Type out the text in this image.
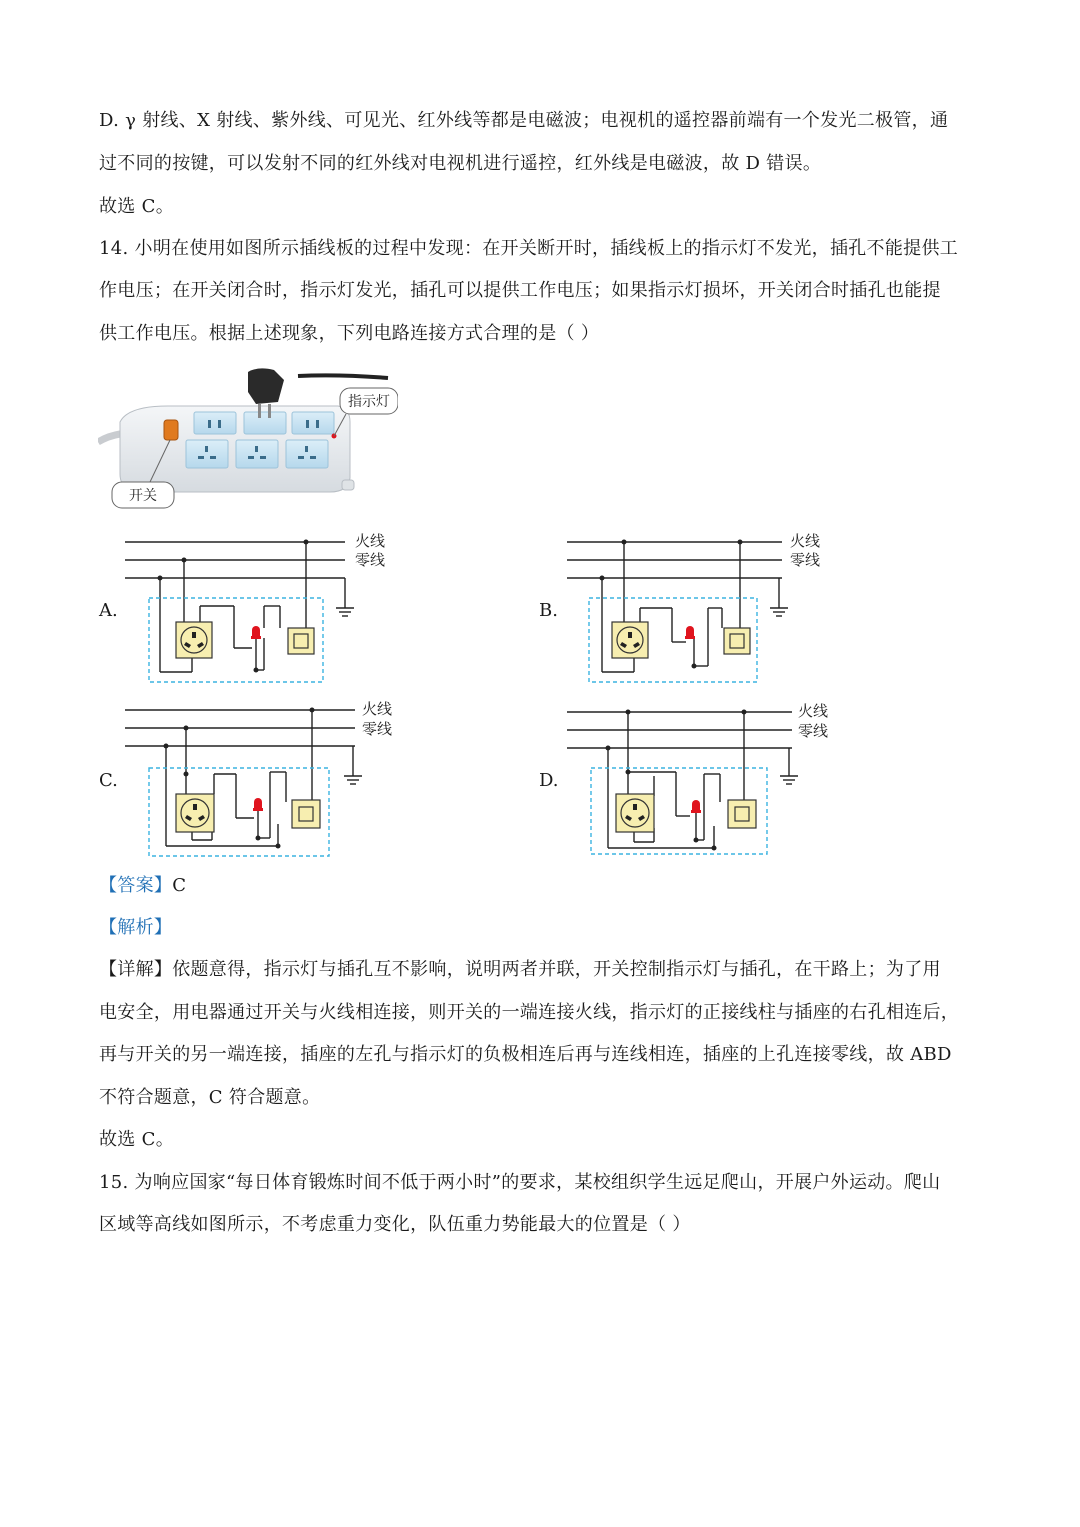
D. γ 射线、X 射线、紫外线、可见光、红外线等都是电磁波；电视机的遥控器前端有一个发光二极管，通
过不同的按键，可以发射不同的红外线对电视机进行遥控，红外线是电磁波，故 D 错误。
故选 C。
14. 小明在使用如图所示插线板的过程中发现：在开关断开时，插线板上的指示灯不发光，插孔不能提供工
作电压；在开关闭合时，指示灯发光，插孔可以提供工作电压；如果指示灯损坏，开关闭合时插孔也能提
供工作电压。根据上述现象，下列电路连接方式合理的是（ ）
指示灯
开关
A.	B.
C.	D.
火线
零线
火线
零线
火线
零线
火线
零线
【答案】C
【解析】
【详解】依题意得，指示灯与插孔互不影响，说明两者并联，开关控制指示灯与插孔，在干路上；为了用
电安全，用电器通过开关与火线相连接，则开关的一端连接火线，指示灯的正接线柱与插座的右孔相连后，
再与开关的另一端连接，插座的左孔与指示灯的负极相连后再与连线相连，插座的上孔连接零线，故 ABD
不符合题意，C 符合题意。
故选 C。
15. 为响应国家“每日体育锻炼时间不低于两小时”的要求，某校组织学生远足爬山，开展户外运动。爬山
区域等高线如图所示，不考虑重力变化，队伍重力势能最大的位置是（ ）
